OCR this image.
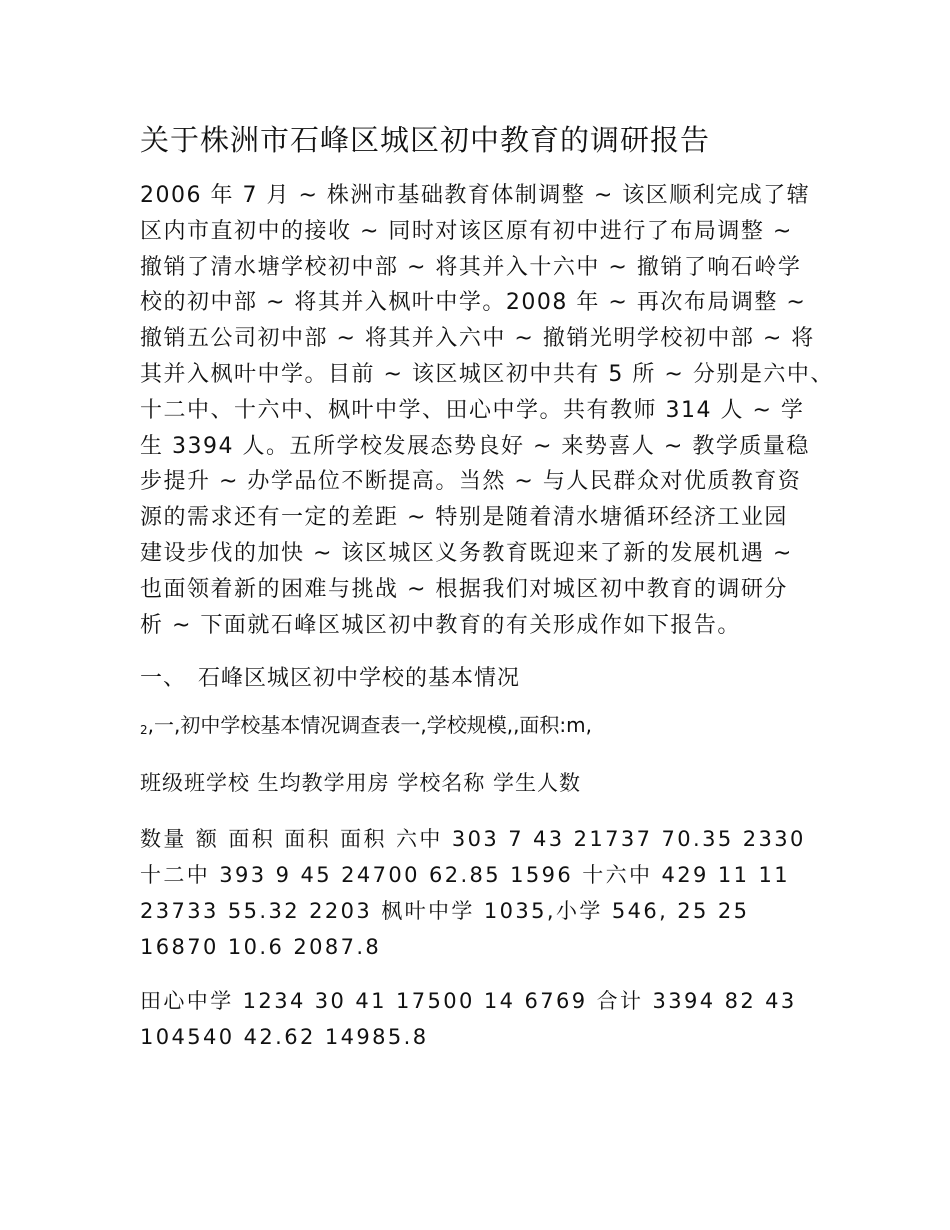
关于株洲市石峰区城区初中教育的调研报告
2006 年 7 月 ~ 株洲市基础教育体制调整 ~ 该区顺利完成了辖
区内市直初中的接收 ~ 同时对该区原有初中进行了布局调整 ~
撤销了清水塘学校初中部 ~ 将其并入十六中 ~ 撤销了响石岭学
校的初中部 ~ 将其并入枫叶中学。2008 年 ~ 再次布局调整 ~
撤销五公司初中部 ~ 将其并入六中 ~ 撤销光明学校初中部 ~ 将
其并入枫叶中学。目前 ~ 该区城区初中共有 5 所 ~ 分别是六中、
十二中、十六中、枫叶中学、田心中学。共有教师 314 人 ~ 学
生 3394 人。五所学校发展态势良好 ~ 来势喜人 ~ 教学质量稳
步提升 ~ 办学品位不断提高。当然 ~ 与人民群众对优质教育资
源的需求还有一定的差距 ~ 特别是随着清水塘循环经济工业园
建设步伐的加快 ~ 该区城区义务教育既迎来了新的发展机遇 ~
也面领着新的困难与挑战 ~ 根据我们对城区初中教育的调研分
析 ~ 下面就石峰区城区初中教育的有关形成作如下报告。
一、 石峰区城区初中学校的基本情况
$_2$,一,初中学校基本情况调查表一,学校规模,,面积:m,
班级班学校 生均教学用房 学校名称 学生人数
数量 额 面积 面积 面积 六中 303 7 43 21737 70.35 2330
十二中 393 9 45 24700 62.85 1596 十六中 429 11 11
23733 55.32 2203 枫叶中学 1035,小学 546, 25 25
16870 10.6 2087.8
田心中学 1234 30 41 17500 14 6769 合计 3394 82 43
104540 42.62 14985.8
